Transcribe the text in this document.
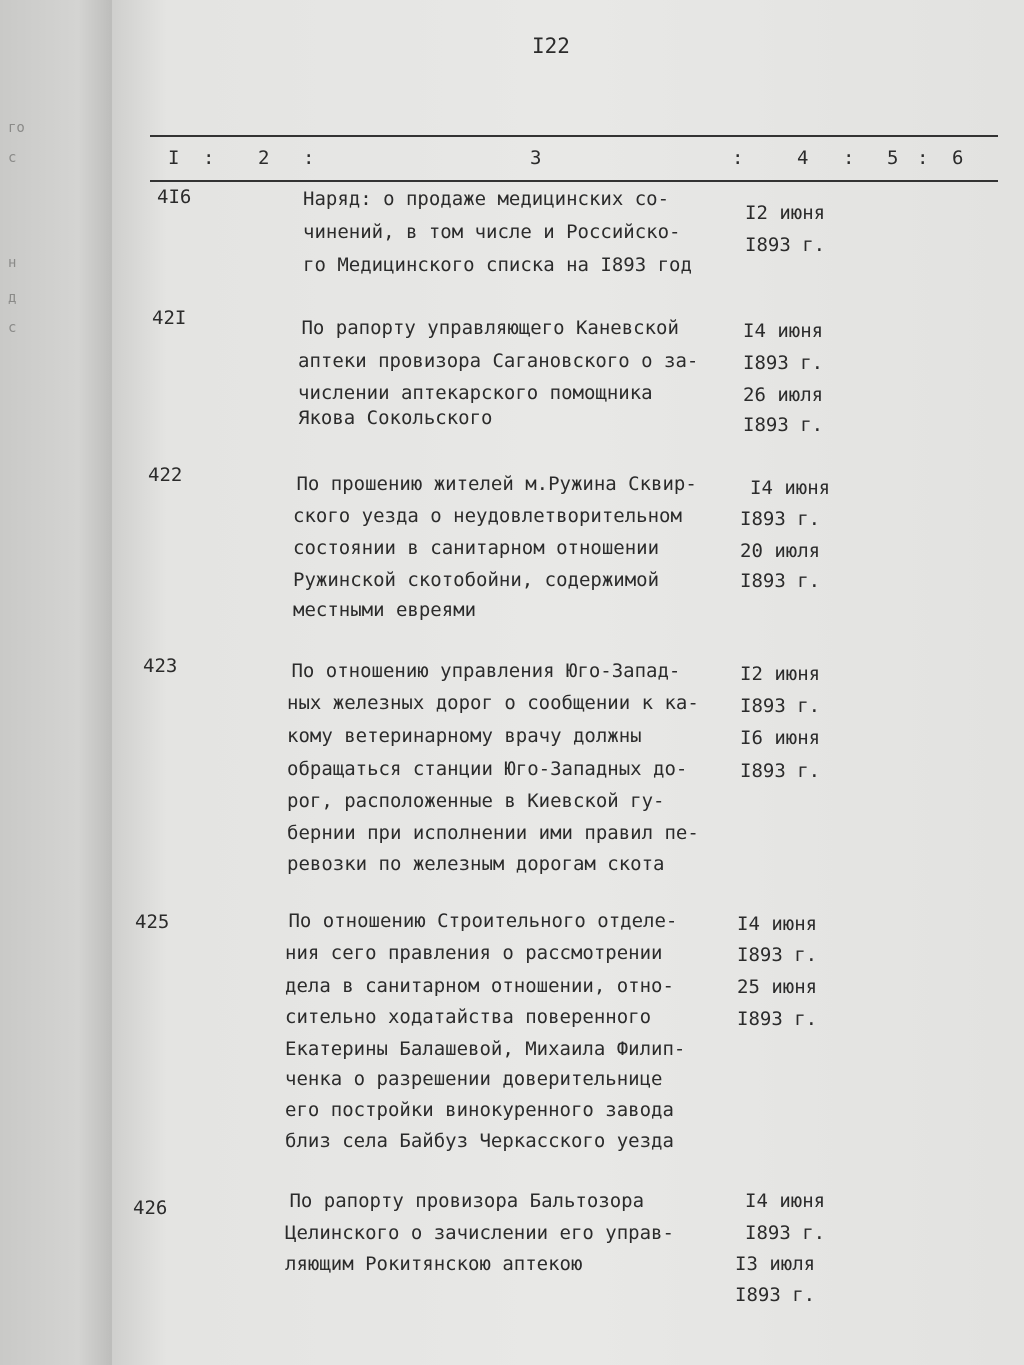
го
с
н
д
с
I22
I : 2 :	3	:	4 : 5 : 6
4I6	Наряд: о продаже медицинских со-
чинений, в том числе и Российско-
го Медицинского списка на I893 год
I2 июня
I893 г.
42I	По рапорту управляющего Каневской
аптеки провизора Сагановского о за-
числении аптекарского помощника
Якова Сокольского
I4 июня
I893 г.
26 июля
I893 г.
422	По прошению жителей м.Ружина Сквир-
ского уезда о неудовлетворительном
состоянии в санитарном отношении
Ружинской скотобойни, содержимой
местными евреями
I4 июня
I893 г.
20 июля
I893 г.
423	По отношению управления Юго-Запад-
ных железных дорог о сообщении к ка-
кому ветеринарному врачу должны
обращаться станции Юго-Западных до-
рог, расположенные в Киевской гу-
бернии при исполнении ими правил пе-
ревозки по железным дорогам скота
I2 июня
I893 г.
I6 июня
I893 г.
425	По отношению Строительного отделе-
ния сего правления о рассмотрении
дела в санитарном отношении, отно-
сительно ходатайства поверенного
Екатерины Балашевой, Михаила Филип-
ченка о разрешении доверительнице
его постройки винокуренного завода
близ села Байбуз Черкасского уезда
I4 июня
I893 г.
25 июня
I893 г.
426	По рапорту провизора Бальтозора
Целинского о зачислении его управ-
ляющим Рокитянскою аптекою
I4 июня
I893 г.
I3 июля
I893 г.
